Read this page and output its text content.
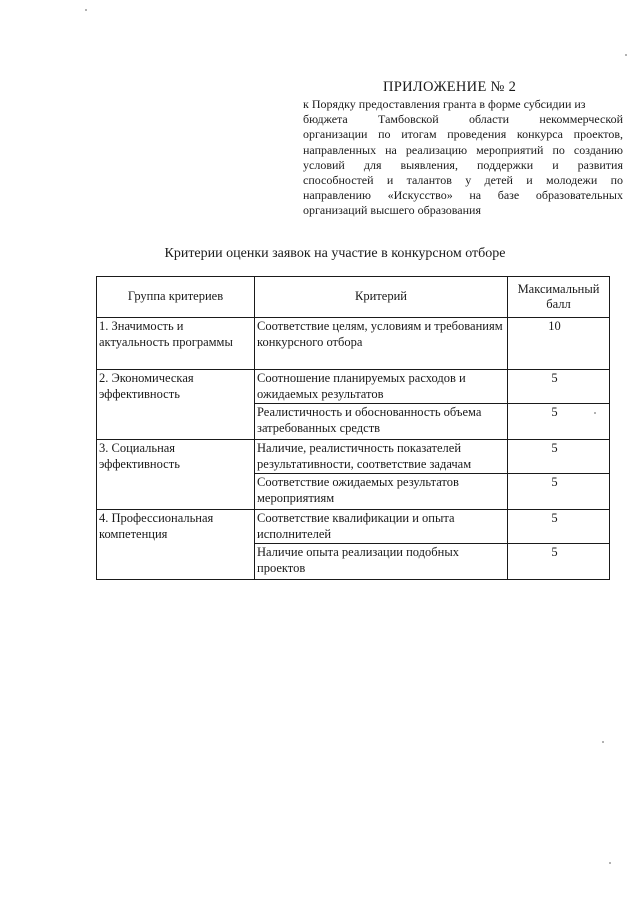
ПРИЛОЖЕНИЕ № 2
к Порядку предоставления гранта в форме субсидии из
бюджета Тамбовской области некоммерческой
организации по итогам проведения конкурса проектов,
направленных на реализацию мероприятий по созданию
условий для выявления, поддержки и развития
способностей и талантов у детей и молодежи по
направлению «Искусство» на базе образовательных
организаций высшего образования
Критерии оценки заявок на участие в конкурсном отборе
Группа критериев	Критерий	Максимальный балл
1. Значимость и актуальность программы	Соответствие целям, условиям и требованиям конкурсного отбора	10
2. Экономическая эффективность	Соотношение планируемых расходов и ожидаемых результатов	5
	Реалистичность и обоснованность объема затребованных средств	5
3. Социальная эффективность	Наличие, реалистичность показателей результативности, соответствие задачам	5
	Соответствие ожидаемых результатов мероприятиям	5
4. Профессиональная компетенция	Соответствие квалификации и опыта исполнителей	5
	Наличие опыта реализации подобных проектов	5
